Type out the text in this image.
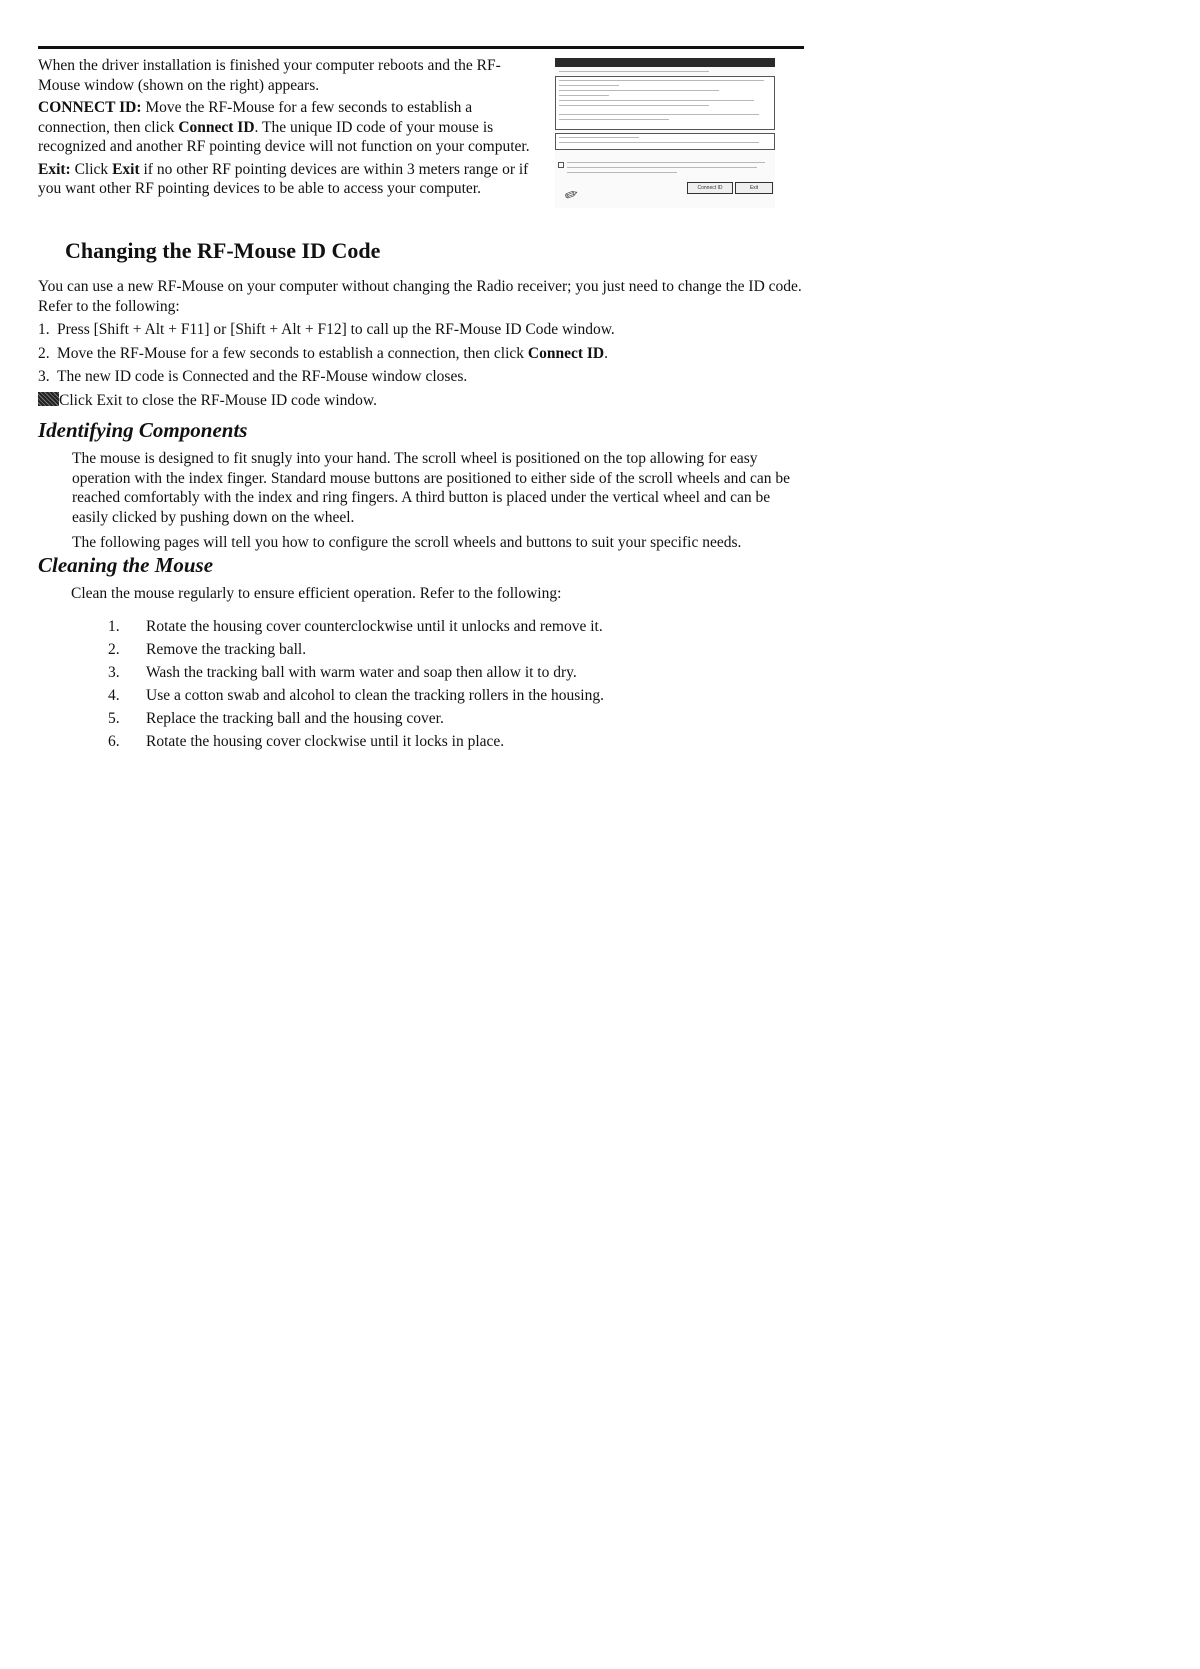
When the driver installation is finished your computer reboots and the RF-Mouse window (shown on the right) appears.

CONNECT ID: Move the RF-Mouse for a few seconds to establish a connection, then click Connect ID. The unique ID code of your mouse is recognized and another RF pointing device will not function on your computer.

Exit: Click Exit if no other RF pointing devices are within 3 meters range or if you want other RF pointing devices to be able to access your computer.	✏	Connect ID	Exit
Changing the RF-Mouse ID Code

You can use a new RF-Mouse on your computer without changing the Radio receiver; you just need to change the ID code. Refer to the following:

1. Press [Shift + Alt + F11] or [Shift + Alt + F12] to call up the RF-Mouse ID Code window.
2. Move the RF-Mouse for a few seconds to establish a connection, then click Connect ID.
3. The new ID code is Connected and the RF-Mouse window closes.
Click Exit to close the RF-Mouse ID code window.
Identifying Components

The mouse is designed to fit snugly into your hand. The scroll wheel is positioned on the top allowing for easy operation with the index finger. Standard mouse buttons are positioned to either side of the scroll wheels and can be reached comfortably with the index and ring fingers. A third button is placed under the vertical wheel and can be easily clicked by pushing down on the wheel.

The following pages will tell you how to configure the scroll wheels and buttons to suit your specific needs.

Cleaning the Mouse
Clean the mouse regularly to ensure efficient operation. Refer to the following:
1. Rotate the housing cover counterclockwise until it unlocks and remove it.
2. Remove the tracking ball.
3. Wash the tracking ball with warm water and soap then allow it to dry.
4. Use a cotton swab and alcohol to clean the tracking rollers in the housing.
5. Replace the tracking ball and the housing cover.
6. Rotate the housing cover clockwise until it locks in place.
